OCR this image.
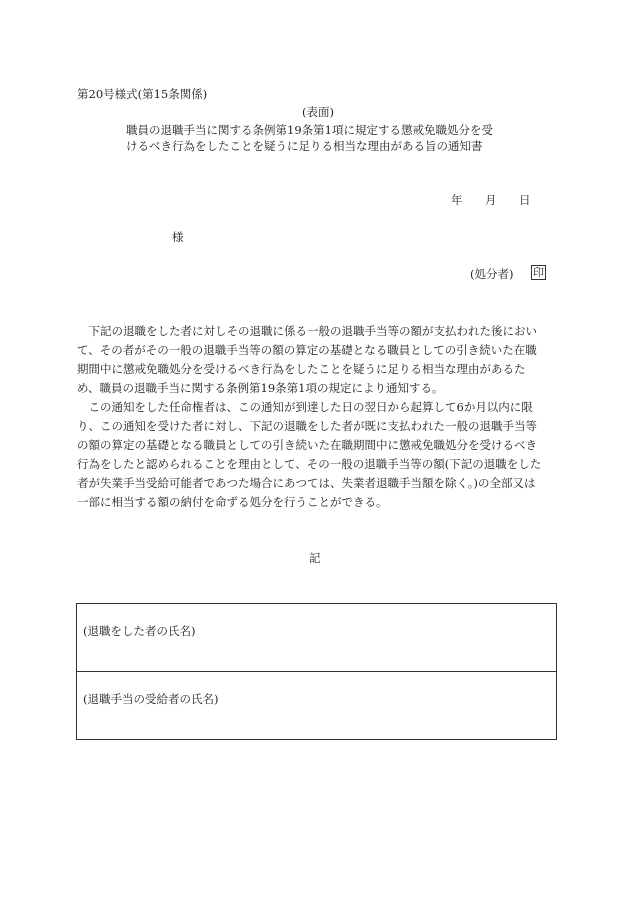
第20号様式(第15条関係)
(表面)
職員の退職手当に関する条例第19条第1項に規定する懲戒免職処分を受
けるべき行為をしたことを疑うに足りる相当な理由がある旨の通知書
年 月 日
様
(処分者) 印
　下記の退職をした者に対しその退職に係る一般の退職手当等の額が支払われた後におい
て、その者がその一般の退職手当等の額の算定の基礎となる職員としての引き続いた在職
期間中に懲戒免職処分を受けるべき行為をしたことを疑うに足りる相当な理由があるた
め、職員の退職手当に関する条例第19条第1項の規定により通知する。
　この通知をした任命権者は、この通知が到達した日の翌日から起算して6か月以内に限
り、この通知を受けた者に対し、下記の退職をした者が既に支払われた一般の退職手当等
の額の算定の基礎となる職員としての引き続いた在職期間中に懲戒免職処分を受けるべき
行為をしたと認められることを理由として、その一般の退職手当等の額(下記の退職をした
者が失業手当受給可能者であつた場合にあつては、失業者退職手当額を除く。)の全部又は
一部に相当する額の納付を命ずる処分を行うことができる。
記
(退職をした者の氏名)
(退職手当の受給者の氏名)
